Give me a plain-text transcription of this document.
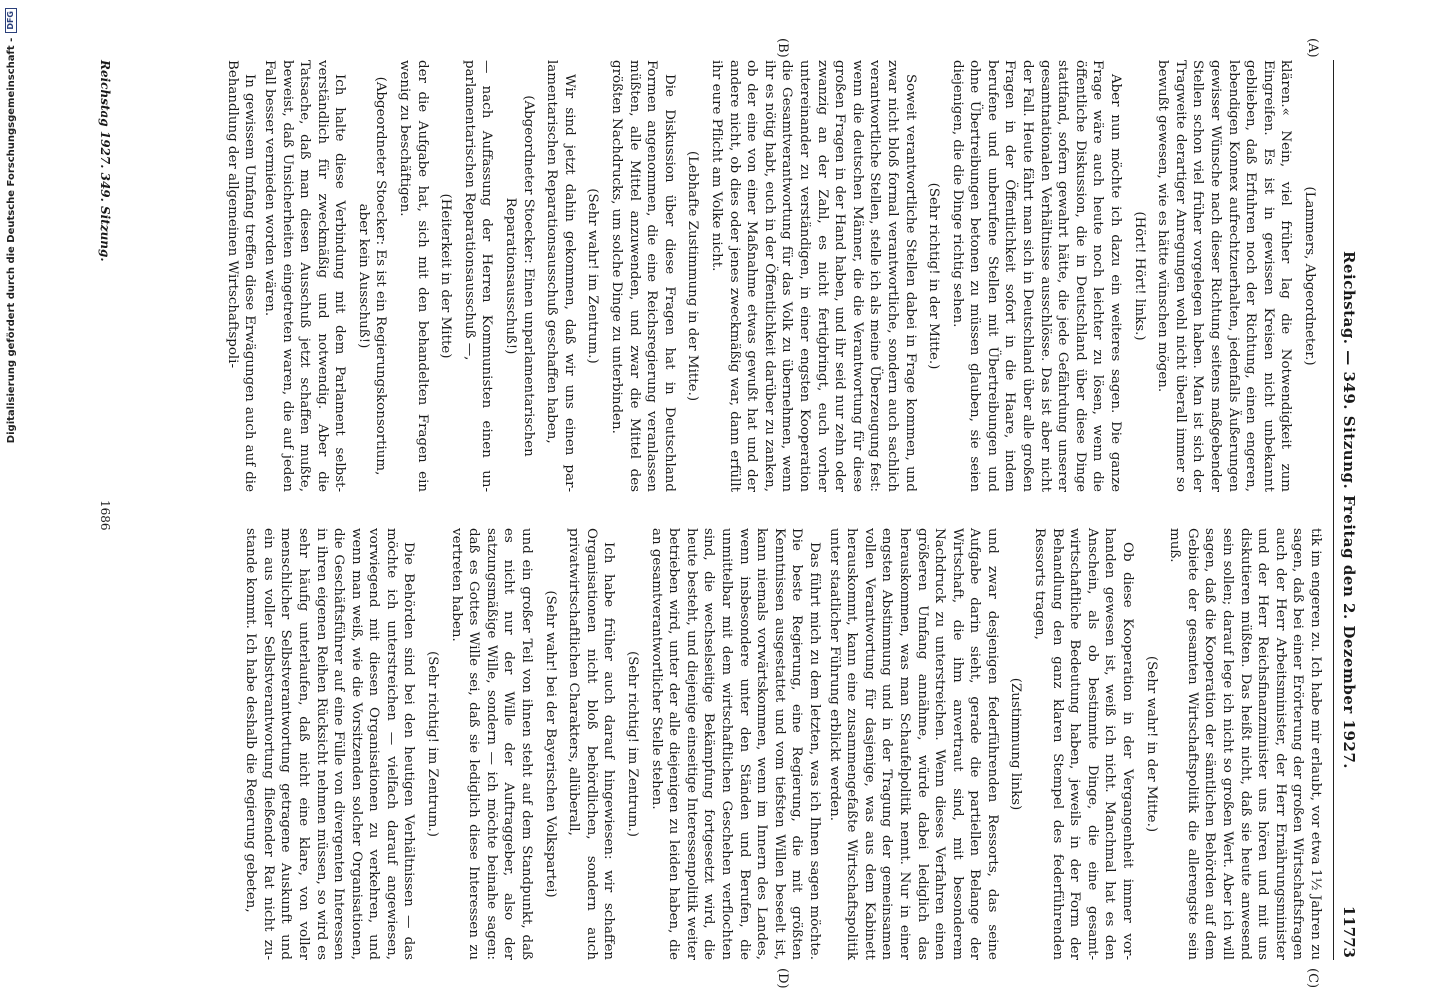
Digitalisierung gefördert durch die Deutsche Forschungsgemeinschaft -
DFG
Reichstag. — 349. Sitzung. Freitag den 2. Dezember 1927.
11773
(A)
(B)
(C)
(D)

(Lammers, Abgeordneter.)

klären.« Nein, viel früher lag die Notwendigkeit zum Eingreifen. Es ist in gewissen Kreisen nicht unbekannt geblieben, daß Erfuhren noch der Richtung, einen engeren, lebendigen Konnex aufrechtzuerhalten, jedenfalls Äußerungen gewisser Wünsche nach dieser Richtung seitens maßgebender Stellen schon viel früher vorgelegen haben. Man ist sich der Tragweite derartiger Anregungen wohl nicht überall immer so bewußt gewesen, wie es hätte wünschen mögen.

(Hört! Hört! links.)

Aber nun möchte ich dazu ein weiteres sagen. Die ganze Frage wäre auch heute noch leichter zu lösen, wenn die öffentliche Diskussion, die in Deutschland über diese Dinge stattfand, sofern gewahrt hätte, die jede Gefährdung unserer gesamtnationalen Verhältnisse ausschlösse. Das ist aber nicht der Fall. Heute fährt man sich in Deutschland über alle großen Fragen in der Öffentlichkeit sofort in die Haare, indem berufene und unberufene Stellen mit Übertreibungen und ohne Übertreibungen betonen zu müssen glauben, sie seien diejenigen, die die Dinge richtig sehen.

(Sehr richtig! in der Mitte.)

Soweit verantwortliche Stellen dabei in Frage kommen, und zwar nicht bloß formal verantwortliche, sondern auch sachlich verantwortliche Stellen, stelle ich als meine Überzeugung fest: wenn die deutschen Männer, die die Verantwortung für diese großen Fragen in der Hand haben, und ihr seid nur zehn oder zwanzig an der Zahl, es nicht fertigbringt, euch vorher untereinander zu verständigen, in einer engsten Kooperation die Gesamtverantwortung für das Volk zu übernehmen, wenn ihr es nötig habt, euch in der Öffentlichkeit darüber zu zanken, ob der eine von einer Maßnahme etwas gewußt hat und der andere nicht, ob dies oder jenes zweckmäßig war, dann erfüllt ihr eure Pflicht am Volke nicht.

(Lebhafte Zustimmung in der Mitte.)

Die Diskussion über diese Fragen hat in Deutschland Formen angenommen, die eine Reichsregierung veranlassen müßten, alle Mittel anzuwenden, und zwar die Mittel des größten Nachdrucks, um solche Dinge zu unterbinden.

(Sehr wahr! im Zentrum.)

Wir sind jetzt dahin gekommen, daß wir uns einen parlamentarischen Reparationsausschuß geschaffen haben,

(Abgeordneter Stoecker: Einen unparlamentarischen Reparationsausschuß!)

— nach Auffassung der Herren Kommunisten einen unparlamentarischen Reparationsausschuß —,

(Heiterkeit in der Mitte)

der die Aufgabe hat, sich mit den behandelten Fragen ein wenig zu beschäftigen.

(Abgeordneter Stoecker: Es ist ein Regierungskonsortium, aber kein Ausschuß!)

Ich halte diese Verbindung mit dem Parlament selbstverständlich für zweckmäßig und notwendig. Aber die Tatsache, daß man diesen Ausschuß jetzt schaffen mußte, beweist, daß Unsicherheiten eingetreten waren, die auf jeden Fall besser vermieden worden wären.

In gewissem Umfang treffen diese Erwägungen auch auf die Behandlung der allgemeinen Wirtschaftspoli-

tik im engeren zu. Ich habe mir erlaubt, vor etwa 1½ Jahren zu sagen, daß bei einer Erörterung der großen Wirtschaftsfragen auch der Herr Arbeitsminister, der Herr Ernährungsminister und der Herr Reichsfinanzminister uns hören und mit uns diskutieren müßten. Das heißt nicht, daß sie heute anwesend sein sollen; darauf lege ich nicht so großen Wert. Aber ich will sagen, daß die Kooperation der sämtlichen Behörden auf dem Gebiete der gesamten Wirtschaftspolitik die allerengste sein muß.

(Sehr wahr! in der Mitte.)

Ob diese Kooperation in der Vergangenheit immer vorhanden gewesen ist, weiß ich nicht. Manchmal hat es den Anschein, als ob bestimmte Dinge, die eine gesamtwirtschaftliche Bedeutung haben, jeweils in der Form der Behandlung den ganz klaren Stempel des federführenden Ressorts tragen,

(Zustimmung links)

und zwar desjenigen federführenden Ressorts, das seine Aufgabe darin sieht, gerade die partiellen Belange der Wirtschaft, die ihm anvertraut sind, mit besonderem Nachdruck zu unterstreichen. Wenn dieses Verfahren einen größeren Umfang annähme, würde dabei lediglich das herauskommen, was man Schaufelpolitik nennt. Nur in einer engsten Abstimmung und in der Tragung der gemeinsamen vollen Verantwortung für dasjenige, was aus dem Kabinett herauskommt, kann eine zusammengefaßte Wirtschaftspolitik unter staatlicher Führung erblickt werden.

Das führt mich zu dem letzten, was ich Ihnen sagen möchte. Die beste Regierung, eine Regierung, die mit größten Kenntnissen ausgestattet und vom tiefsten Willen beseelt ist, kann niemals vorwärtskommen, wenn im Innern des Landes, wenn insbesondere unter den Ständen und Berufen, die unmittelbar mit dem wirtschaftlichen Geschehen verflochten sind, die wechselseitige Bekämpfung fortgesetzt wird, die heute besteht, und diejenige einseitige Interessenpolitik weiter betrieben wird, unter der alle diejenigen zu leiden haben, die an gesamtverantwortlicher Stelle stehen.

(Sehr richtig! im Zentrum.)

Ich habe früher auch darauf hingewiesen: wir schaffen Organisationen nicht bloß behördlichen, sondern auch privatwirtschaftlichen Charakters, allüberall,

(Sehr wahr! bei der Bayerischen Volkspartei)

und ein großer Teil von ihnen steht auf dem Standpunkt, daß es nicht nur der Wille der Auftraggeber, also der satzungsmäßige Wille, sondern — ich möchte beinahe sagen: daß es Gottes Wille sei, daß sie lediglich diese Interessen zu vertreten haben.

(Sehr richtig! im Zentrum.)

Die Behörden sind bei den heutigen Verhältnissen — das möchte ich unterstreichen — vielfach darauf angewiesen, vorwiegend mit diesen Organisationen zu verkehren, und wenn man weiß, wie die Vorsitzenden solcher Organisationen, die Geschäftsführer auf eine Fülle von divergenten Interessen in ihren eigenen Reihen Rücksicht nehmen müssen, so wird es sehr häufig unterlaufen, daß nicht eine klare, von voller menschlicher Selbstverantwortung getragene Auskunft und ein aus voller Selbstverantwortung fließender Rat nicht zustande kommt. Ich habe deshalb die Regierung gebeten,

Reichstag 1927. 349. Sitzung.
1686
